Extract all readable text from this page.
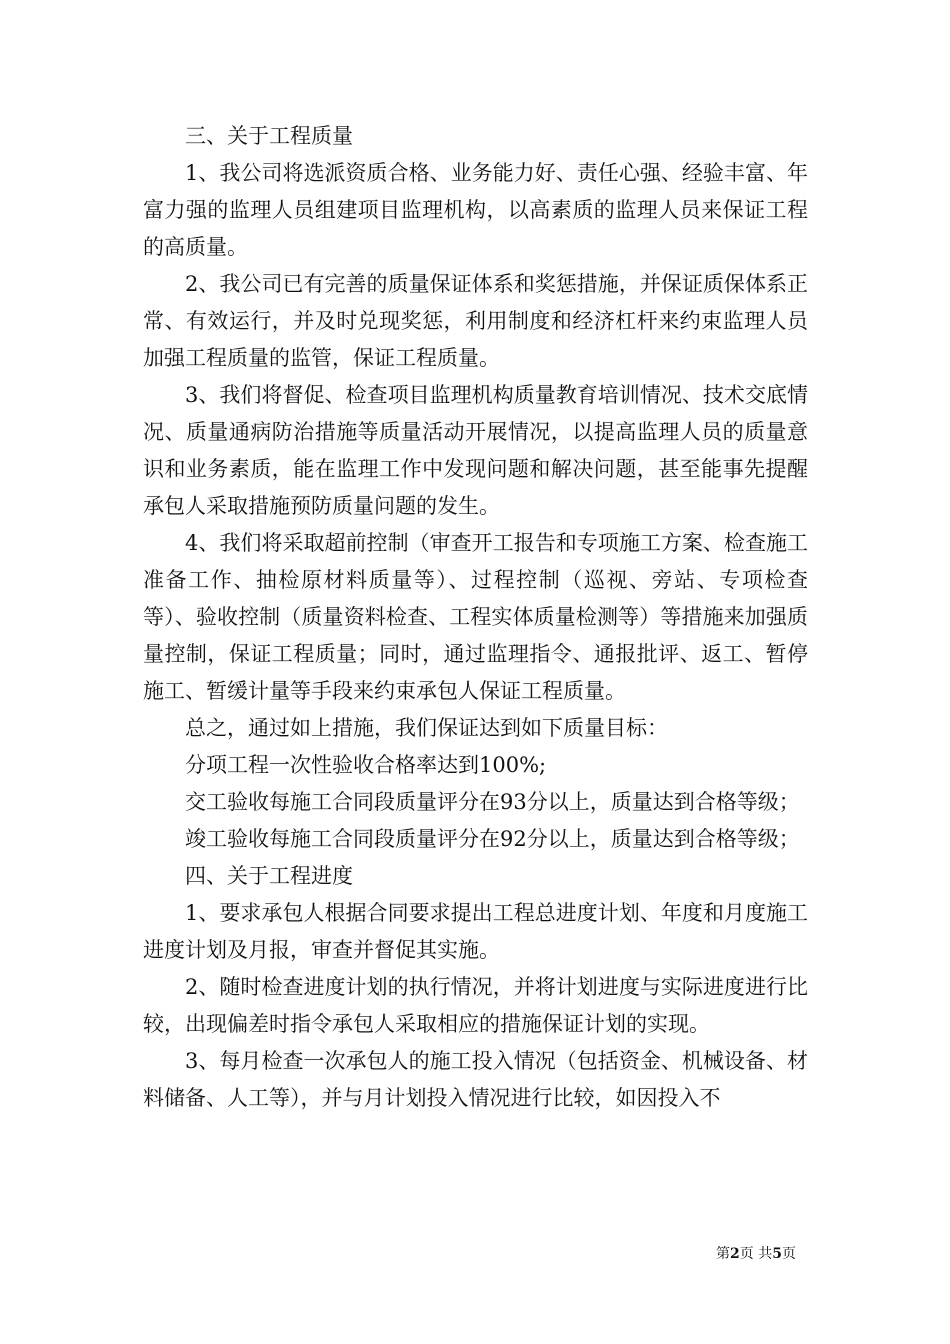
三、关于工程质量

1、我公司将选派资质合格、业务能力好、责任心强、经验丰富、年富力强的监理人员组建项目监理机构，以高素质的监理人员来保证工程的高质量。

2、我公司已有完善的质量保证体系和奖惩措施，并保证质保体系正常、有效运行，并及时兑现奖惩，利用制度和经济杠杆来约束监理人员加强工程质量的监管，保证工程质量。

3、我们将督促、检查项目监理机构质量教育培训情况、技术交底情况、质量通病防治措施等质量活动开展情况，以提高监理人员的质量意识和业务素质，能在监理工作中发现问题和解决问题，甚至能事先提醒承包人采取措施预防质量问题的发生。

4、我们将采取超前控制（审查开工报告和专项施工方案、检查施工准备工作、抽检原材料质量等）、过程控制（巡视、旁站、专项检查等）、验收控制（质量资料检查、工程实体质量检测等）等措施来加强质量控制，保证工程质量；同时，通过监理指令、通报批评、返工、暂停施工、暂缓计量等手段来约束承包人保证工程质量。

总之，通过如上措施，我们保证达到如下质量目标：

分项工程一次性验收合格率达到100%;

交工验收每施工合同段质量评分在93分以上，质量达到合格等级；

竣工验收每施工合同段质量评分在92分以上，质量达到合格等级；

四、关于工程进度

1、要求承包人根据合同要求提出工程总进度计划、年度和月度施工进度计划及月报，审查并督促其实施。

2、随时检查进度计划的执行情况，并将计划进度与实际进度进行比较，出现偏差时指令承包人采取相应的措施保证计划的实现。

3、每月检查一次承包人的施工投入情况（包括资金、机械设备、材料储备、人工等），并与月计划投入情况进行比较，如因投入不

第2页 共5页
